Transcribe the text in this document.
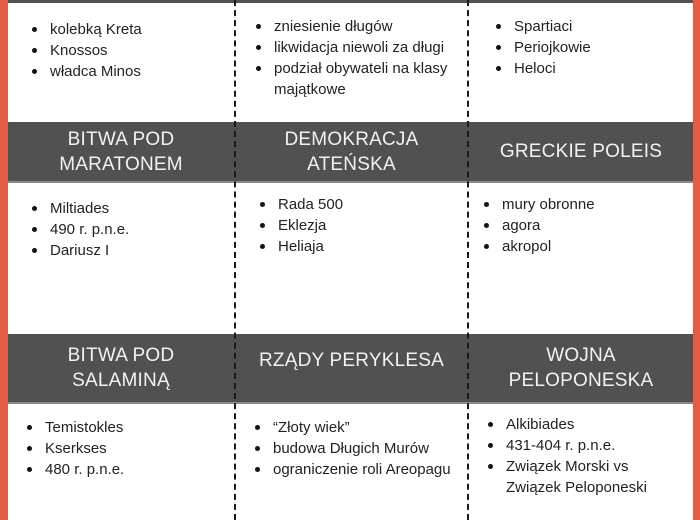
kolebką Kreta
Knossos
władca Minos
zniesienie długów
likwidacja niewoli za długi
podział obywateli na klasy majątkowe
Spartiaci
Periojkowie
Heloci
BITWA POD
MARATONEM
DEMOKRACJA
ATEŃSKA
GRECKIE POLEIS
Miltiades
490 r. p.n.e.
Dariusz I
Rada 500
Eklezja
Heliaja
mury obronne
agora
akropol
BITWA POD
SALAMINĄ
RZĄDY PERYKLESA	WOJNA
PELOPONESKA
Temistokles
Kserkses
480 r. p.n.e.
“Złoty wiek”
budowa Długich Murów
ograniczenie roli Areopagu
Alkibiades
431-404 r. p.n.e.
Związek Morski vs Związek Peloponeski
